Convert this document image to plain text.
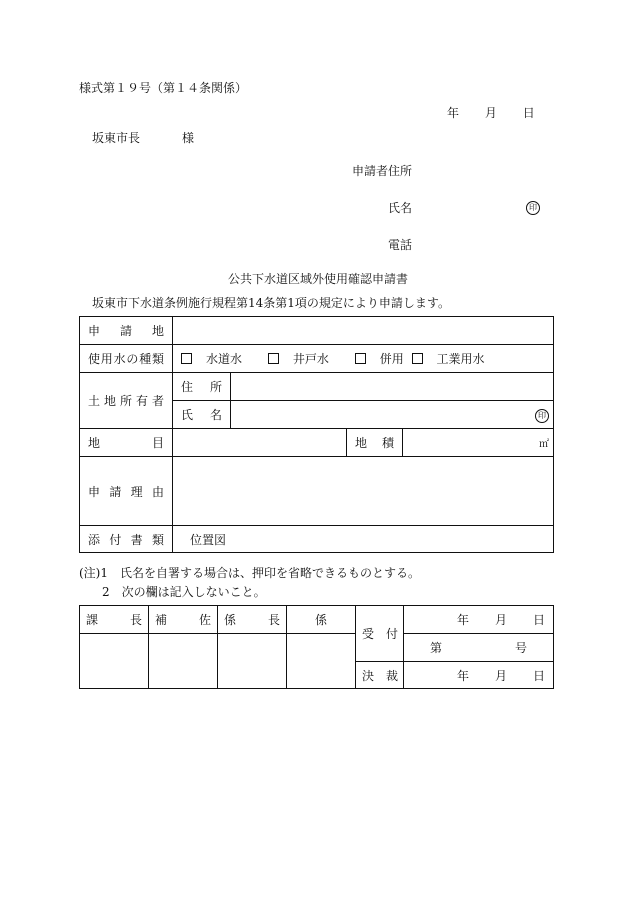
様式第１９号（第１４条関係）
年 月 日
坂東市長	様
申請者住所
氏名	印
電話
公共下水道区域外使用確認申請書
坂東市下水道条例施行規程第14条第1項の規定により申請します。
申　請　地				
使用水の種類	水道水 井戸水 併用 工業用水			
土地所有者	住　所			
	氏　名	印		
地　目			地　積	㎡

申請理由				
添付書類	位置図			
(注)1　氏名を自署する場合は、押印を省略できるものとする。
2　次の欄は記入しないこと。
課　　長	補　　佐	係　　長	係	受　付	年 月 日

					第 号

				決　裁	年 月 日
